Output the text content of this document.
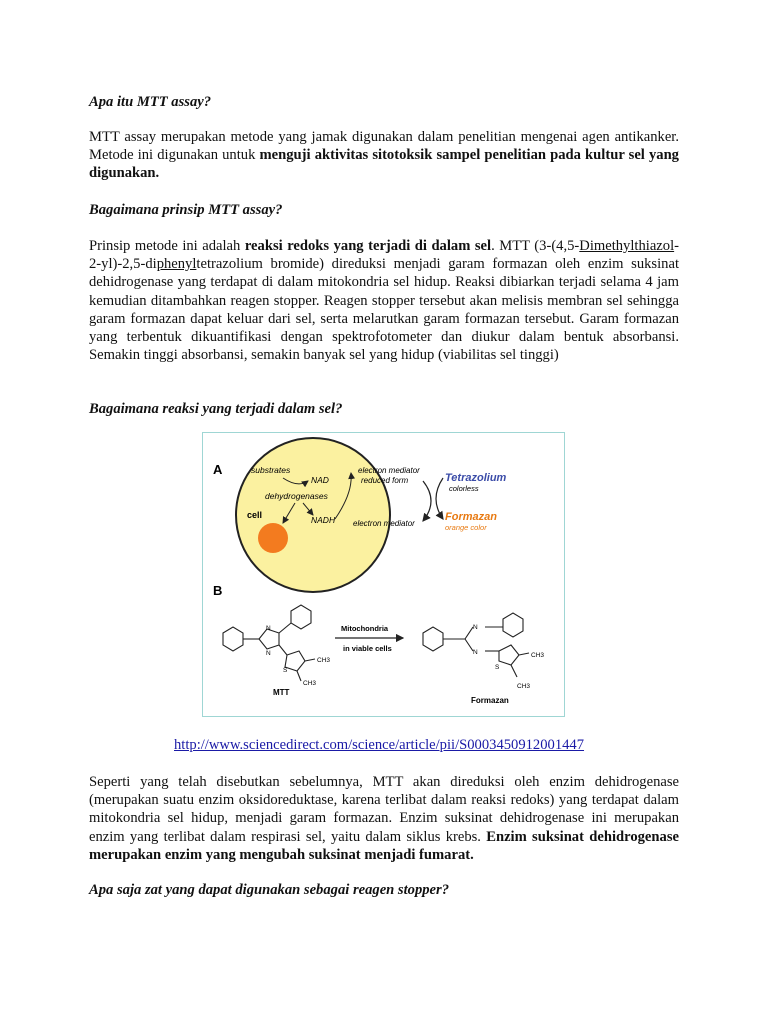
Apa itu MTT assay?

MTT assay merupakan metode yang jamak digunakan dalam penelitian mengenai agen antikanker. Metode ini digunakan untuk menguji aktivitas sitotoksik sampel penelitian pada kultur sel yang digunakan.

Bagaimana prinsip MTT assay?

Prinsip metode ini adalah reaksi redoks yang terjadi di dalam sel. MTT (3-(4,5-Dimethylthiazol-2-yl)-2,5-diphenyltetrazolium bromide) direduksi menjadi garam formazan oleh enzim suksinat dehidrogenase yang terdapat di dalam mitokondria sel hidup. Reaksi dibiarkan terjadi selama 4 jam kemudian ditambahkan reagen stopper. Reagen stopper tersebut akan melisis membran sel sehingga garam formazan dapat keluar dari sel, serta melarutkan garam formazan tersebut. Garam formazan yang terbentuk dikuantifikasi dengan spektrofotometer dan diukur dalam bentuk absorbansi. Semakin tinggi absorbansi, semakin banyak sel yang hidup (viabilitas sel tinggi)

Bagaimana reaksi yang terjadi dalam sel?

A	substrates
NAD
dehydrogenases
cell	NADH
electron mediator
reduced form
electron mediator
Tetrazolium
colorless
Formazan
orange color
B
N
N
S
CH3
CH3
MTT
Mitochondria
in viable cells
N
N
S
CH3
CH3
Formazan
http://www.sciencedirect.com/science/article/pii/S0003450912001447

Seperti yang telah disebutkan sebelumnya, MTT akan direduksi oleh enzim dehidrogenase (merupakan suatu enzim oksidoreduktase, karena terlibat dalam reaksi redoks) yang terdapat dalam mitokondria sel hidup, menjadi garam formazan. Enzim suksinat dehidrogenase ini merupakan enzim yang terlibat dalam respirasi sel, yaitu dalam siklus krebs. Enzim suksinat dehidrogenase merupakan enzim yang mengubah suksinat menjadi fumarat.

Apa saja zat yang dapat digunakan sebagai reagen stopper?
